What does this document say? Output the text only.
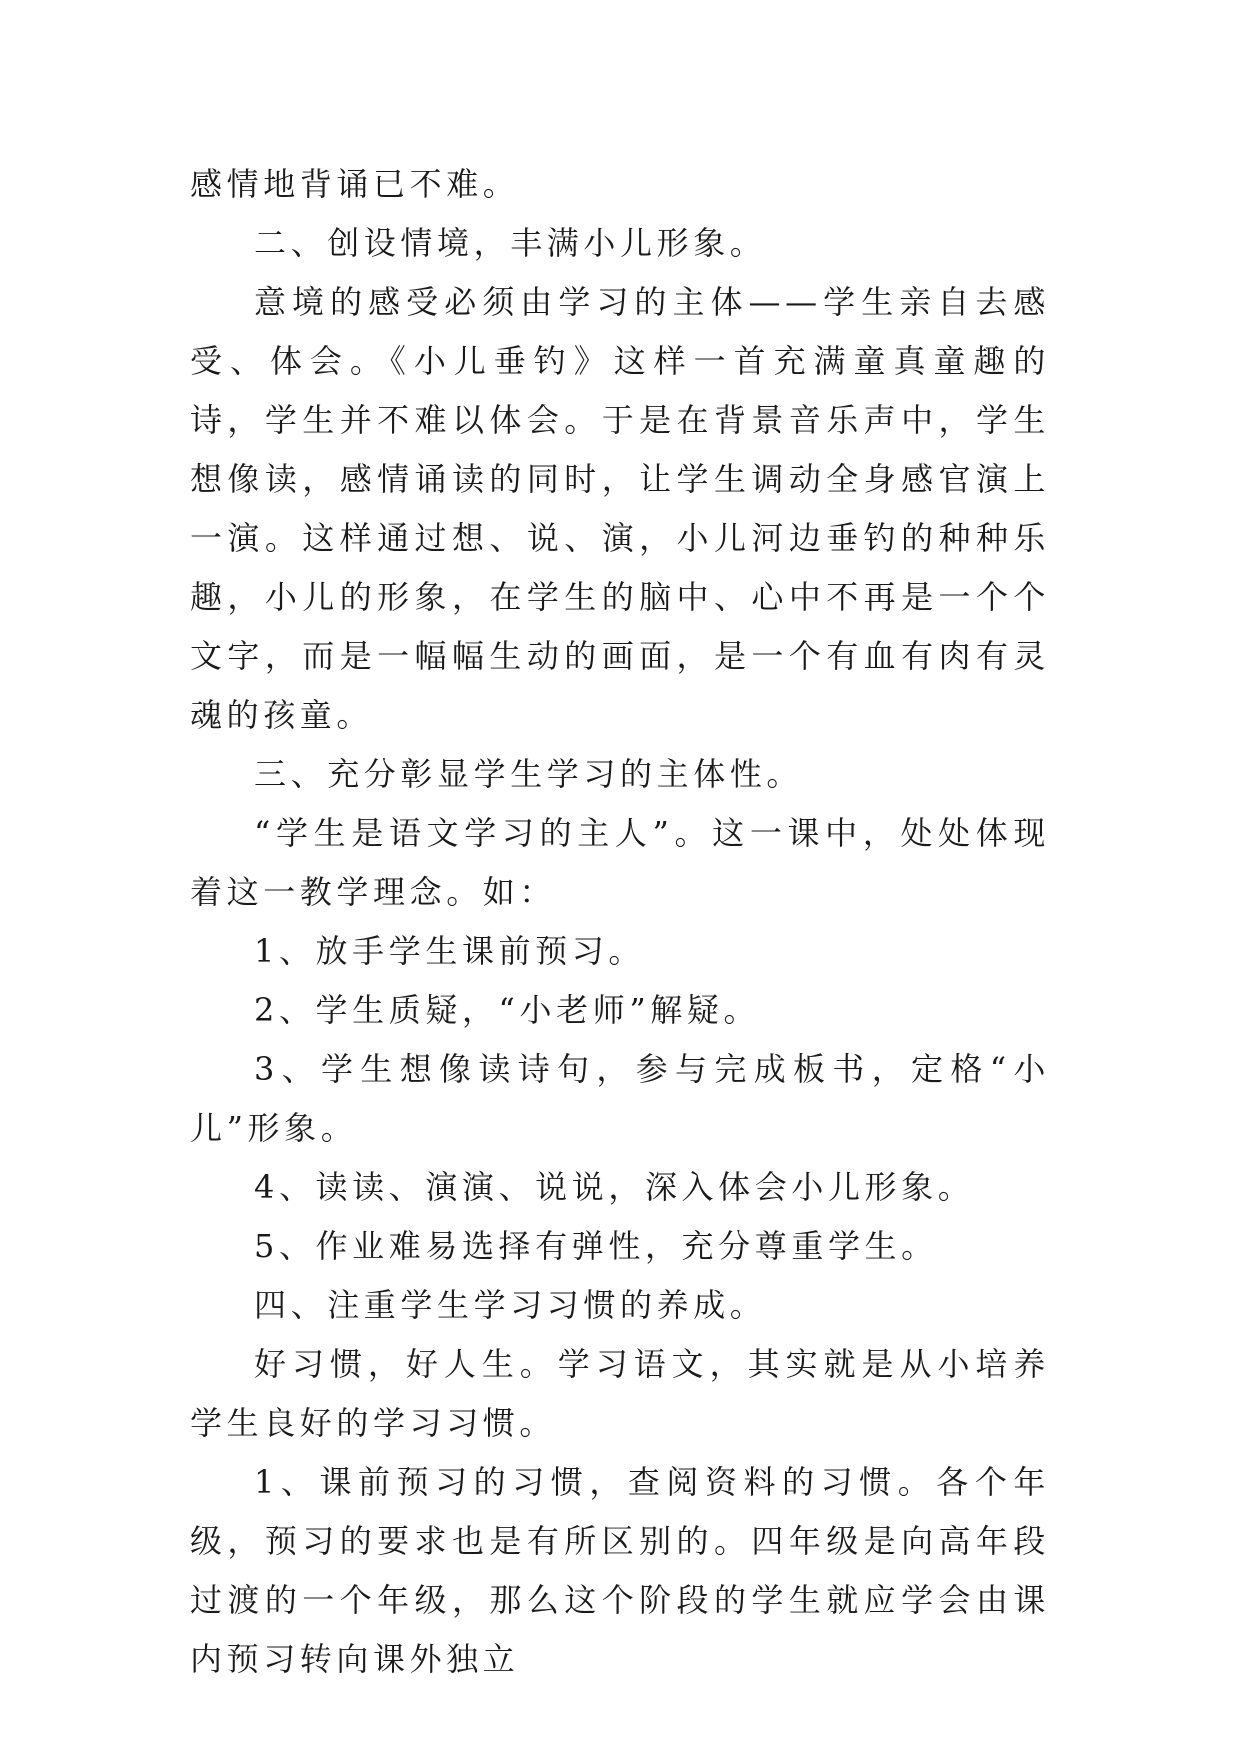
感情地背诵已不难。

二、创设情境，丰满小儿形象。

意境的感受必须由学习的主体——学生亲自去感受、体会。《小儿垂钓》这样一首充满童真童趣的诗，学生并不难以体会。于是在背景音乐声中，学生想像读，感情诵读的同时，让学生调动全身感官演上一演。这样通过想、说、演，小儿河边垂钓的种种乐趣，小儿的形象，在学生的脑中、心中不再是一个个文字，而是一幅幅生动的画面，是一个有血有肉有灵魂的孩童。

三、充分彰显学生学习的主体性。

“学生是语文学习的主人”。这一课中，处处体现着这一教学理念。如：

1、放手学生课前预习。

2、学生质疑，“小老师”解疑。

3、学生想像读诗句，参与完成板书，定格“小儿”形象。

4、读读、演演、说说，深入体会小儿形象。

5、作业难易选择有弹性，充分尊重学生。

四、注重学生学习习惯的养成。

好习惯，好人生。学习语文，其实就是从小培养学生良好的学习习惯。

1、课前预习的习惯，查阅资料的习惯。各个年级，预习的要求也是有所区别的。四年级是向高年段过渡的一个年级，那么这个阶段的学生就应学会由课内预习转向课外独立
